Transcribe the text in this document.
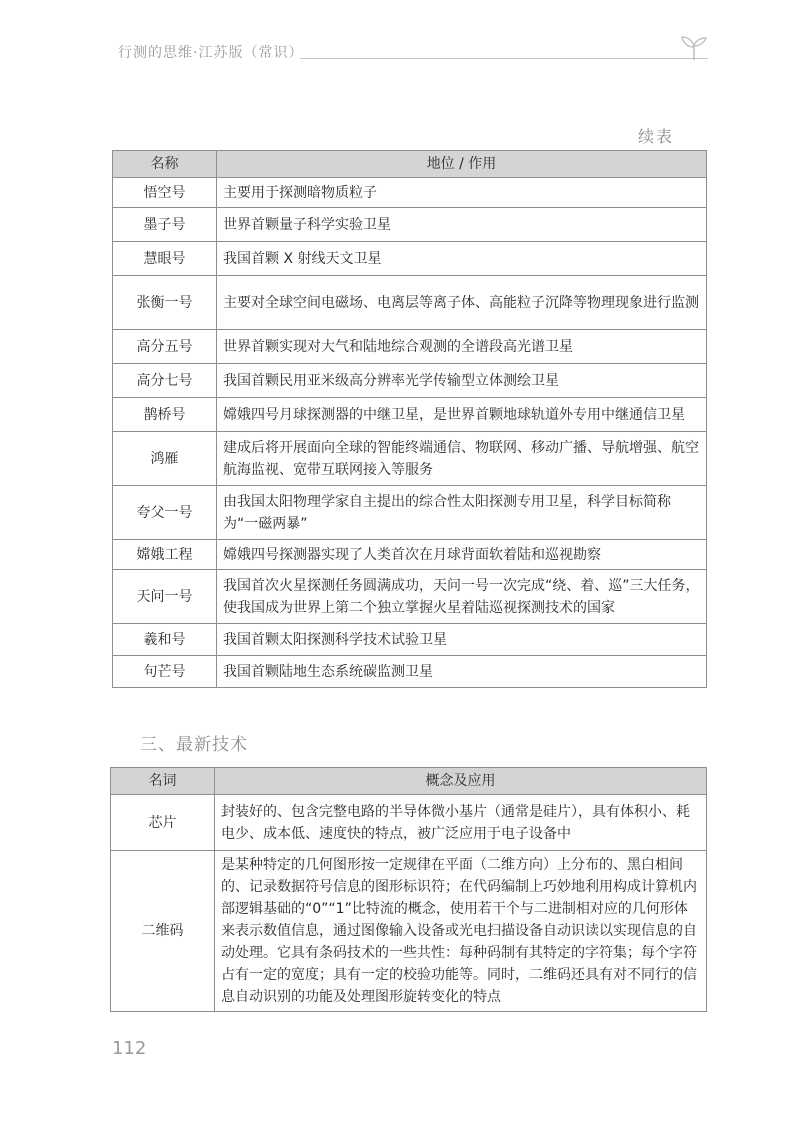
行测的思维·江苏版（常识）
续表
名称	地位 / 作用
悟空号	主要用于探测暗物质粒子
墨子号	世界首颗量子科学实验卫星
慧眼号	我国首颗 X 射线天文卫星
张衡一号	主要对全球空间电磁场、电离层等离子体、高能粒子沉降等物理现象进行监测
高分五号	世界首颗实现对大气和陆地综合观测的全谱段高光谱卫星
高分七号	我国首颗民用亚米级高分辨率光学传输型立体测绘卫星
鹊桥号	嫦娥四号月球探测器的中继卫星，是世界首颗地球轨道外专用中继通信卫星
鸿雁	建成后将开展面向全球的智能终端通信、物联网、移动广播、导航增强、航空航海监视、宽带互联网接入等服务
夸父一号	由我国太阳物理学家自主提出的综合性太阳探测专用卫星，科学目标简称为“一磁两暴”
嫦娥工程	嫦娥四号探测器实现了人类首次在月球背面软着陆和巡视勘察
天问一号	我国首次火星探测任务圆满成功，天问一号一次完成“绕、着、巡”三大任务，使我国成为世界上第二个独立掌握火星着陆巡视探测技术的国家
羲和号	我国首颗太阳探测科学技术试验卫星
句芒号	我国首颗陆地生态系统碳监测卫星
三、最新技术
名词	概念及应用
芯片	封装好的、包含完整电路的半导体微小基片（通常是硅片），具有体积小、耗电少、成本低、速度快的特点，被广泛应用于电子设备中
二维码	是某种特定的几何图形按一定规律在平面（二维方向）上分布的、黑白相间的、记录数据符号信息的图形标识符；在代码编制上巧妙地利用构成计算机内部逻辑基础的“0”“1”比特流的概念，使用若干个与二进制相对应的几何形体来表示数值信息，通过图像输入设备或光电扫描设备自动识读以实现信息的自动处理。它具有条码技术的一些共性：每种码制有其特定的字符集；每个字符占有一定的宽度；具有一定的校验功能等。同时，二维码还具有对不同行的信息自动识别的功能及处理图形旋转变化的特点
112
